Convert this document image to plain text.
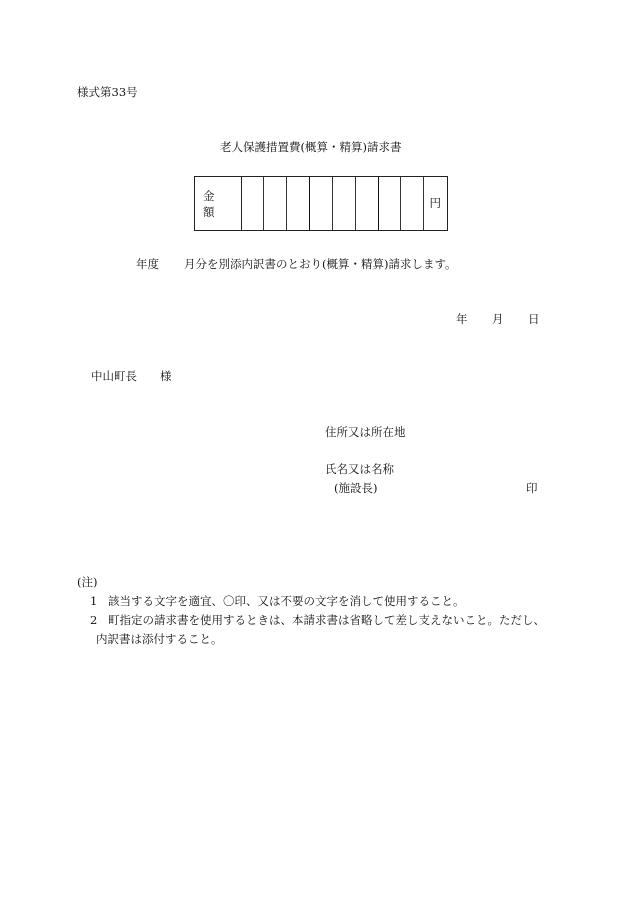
様式第33号
老人保護措置費(概算・精算)請求書
金額
円
年度 月分を別添内訳書のとおり(概算・精算)請求します。
年 月 日
中山町長 様
住所又は所在地
氏名又は名称
(施設長)	印
(注)
1 該当する文字を適宜、〇印、又は不要の文字を消して使用すること。
2 町指定の請求書を使用するときは、本請求書は省略して差し支えないこと。ただし、
内訳書は添付すること。
